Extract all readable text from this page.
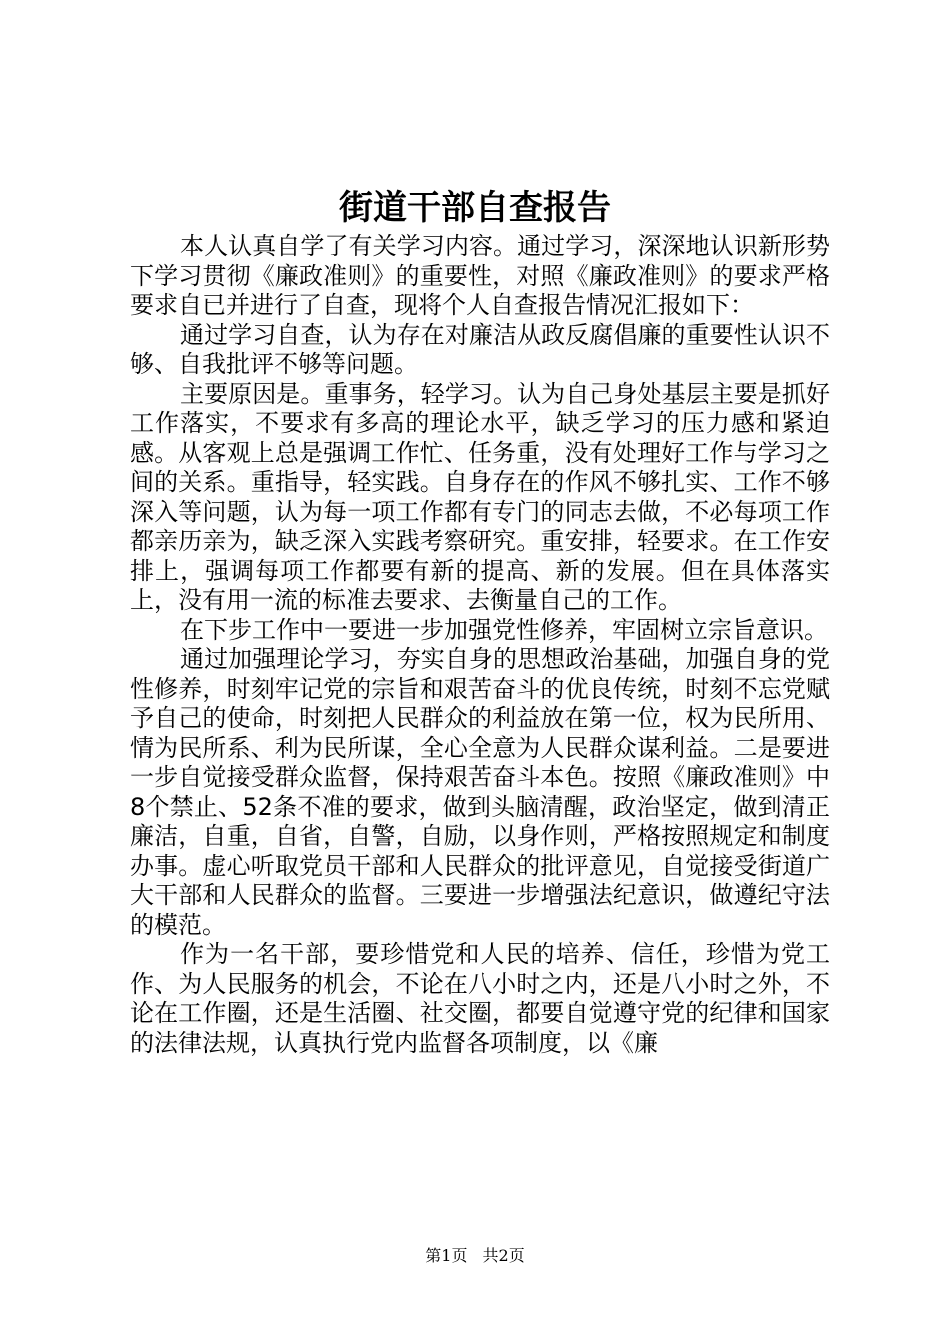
街道干部自查报告

本人认真自学了有关学习内容。通过学习，深深地认识新形势下学习贯彻《廉政准则》的重要性，对照《廉政准则》的要求严格要求自已并进行了自查，现将个人自查报告情况汇报如下：

通过学习自查，认为存在对廉洁从政反腐倡廉的重要性认识不够、自我批评不够等问题。

主要原因是。重事务，轻学习。认为自己身处基层主要是抓好工作落实，不要求有多高的理论水平，缺乏学习的压力感和紧迫感。从客观上总是强调工作忙、任务重，没有处理好工作与学习之间的关系。重指导，轻实践。自身存在的作风不够扎实、工作不够深入等问题，认为每一项工作都有专门的同志去做，不必每项工作都亲历亲为，缺乏深入实践考察研究。重安排，轻要求。在工作安排上，强调每项工作都要有新的提高、新的发展。但在具体落实上，没有用一流的标准去要求、去衡量自己的工作。

在下步工作中一要进一步加强党性修养，牢固树立宗旨意识。

通过加强理论学习，夯实自身的思想政治基础，加强自身的党性修养，时刻牢记党的宗旨和艰苦奋斗的优良传统，时刻不忘党赋予自己的使命，时刻把人民群众的利益放在第一位，权为民所用、情为民所系、利为民所谋，全心全意为人民群众谋利益。二是要进一步自觉接受群众监督，保持艰苦奋斗本色。按照《廉政准则》中8个禁止、52条不准的要求，做到头脑清醒，政治坚定，做到清正廉洁，自重，自省，自警，自励，以身作则，严格按照规定和制度办事。虚心听取党员干部和人民群众的批评意见，自觉接受街道广大干部和人民群众的监督。三要进一步增强法纪意识，做遵纪守法的模范。

作为一名干部，要珍惜党和人民的培养、信任，珍惜为党工作、为人民服务的机会，不论在八小时之内，还是八小时之外，不论在工作圈，还是生活圈、社交圈，都要自觉遵守党的纪律和国家的法律法规，认真执行党内监督各项制度，以《廉

第1页 共2页
